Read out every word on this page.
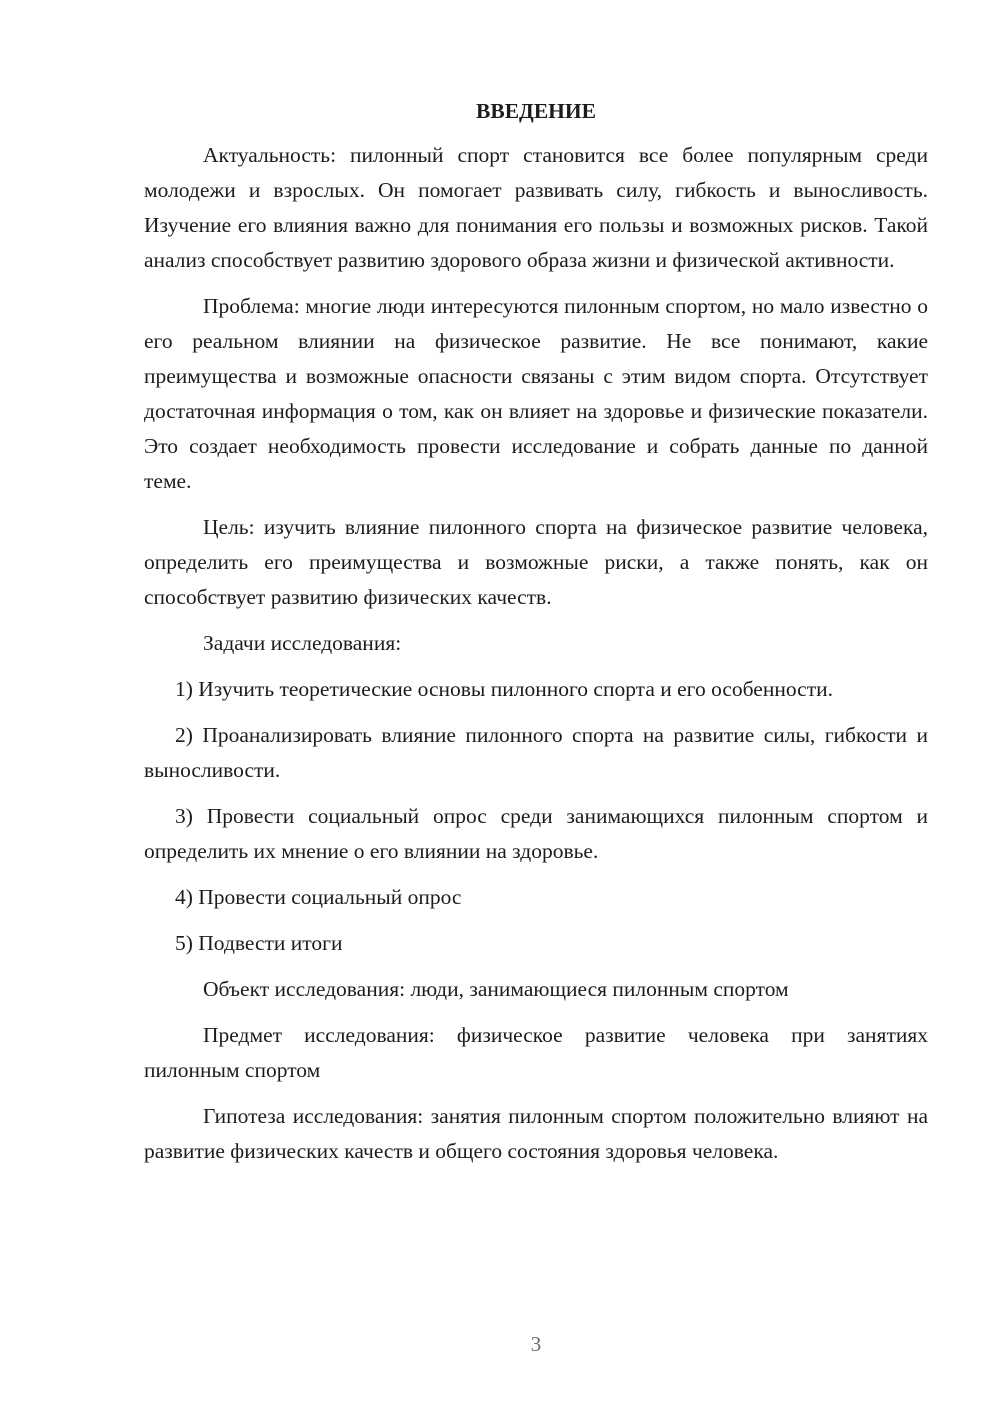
ВВЕДЕНИЕ

Актуальность: пилонный спорт становится все более популярным среди молодежи и взрослых. Он помогает развивать силу, гибкость и выносливость. Изучение его влияния важно для понимания его пользы и возможных рисков. Такой анализ способствует развитию здорового образа жизни и физической активности.

Проблема: многие люди интересуются пилонным спортом, но мало известно о его реальном влиянии на физическое развитие. Не все понимают, какие преимущества и возможные опасности связаны с этим видом спорта. Отсутствует достаточная информация о том, как он влияет на здоровье и физические показатели. Это создает необходимость провести исследование и собрать данные по данной теме.

Цель: изучить влияние пилонного спорта на физическое развитие человека, определить его преимущества и возможные риски, а также понять, как он способствует развитию физических качеств.

Задачи исследования:

1) Изучить теоретические основы пилонного спорта и его особенности.

2) Проанализировать влияние пилонного спорта на развитие силы, гибкости и выносливости.

3) Провести социальный опрос среди занимающихся пилонным спортом и определить их мнение о его влиянии на здоровье.

4) Провести социальный опрос

5) Подвести итоги

Объект исследования: люди, занимающиеся пилонным спортом

Предмет исследования: физическое развитие человека при занятиях пилонным спортом

Гипотеза исследования: занятия пилонным спортом положительно влияют на развитие физических качеств и общего состояния здоровья человека.

3
